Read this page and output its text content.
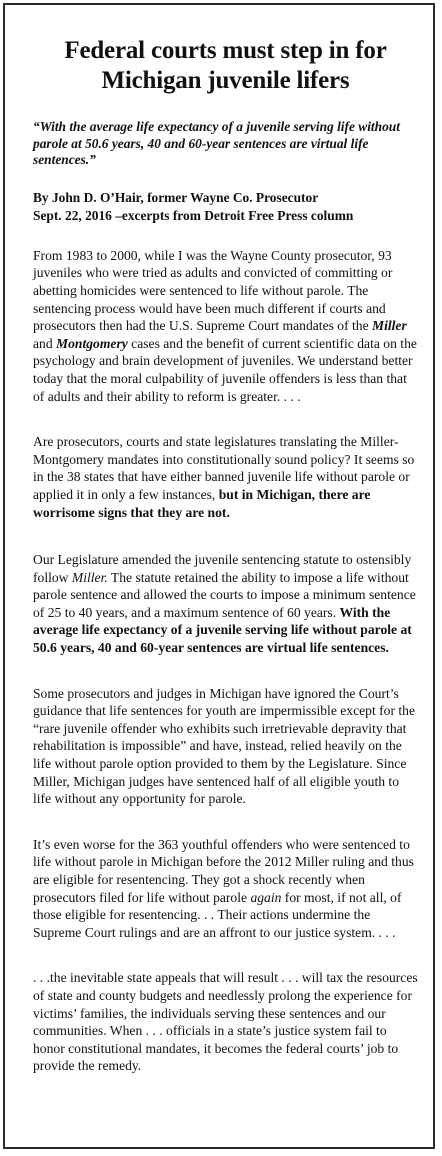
Federal courts must step in for Michigan juvenile lifers

“With the average life expectancy of a juvenile serving life without parole at 50.6 years, 40 and 60-year sentences are virtual life sentences.”

By John D. O’Hair, former Wayne Co. Prosecutor
Sept. 22, 2016 –excerpts from Detroit Free Press column

From 1983 to 2000, while I was the Wayne County prosecutor, 93 juveniles who were tried as adults and convicted of committing or abetting homicides were sentenced to life without parole. The sentencing process would have been much different if courts and prosecutors then had the U.S. Supreme Court mandates of the Miller and Montgomery cases and the benefit of current scientific data on the psychology and brain development of juveniles. We understand better today that the moral culpability of juvenile offenders is less than that of adults and their ability to reform is greater. . . .

Are prosecutors, courts and state legislatures translating the Miller-Montgomery mandates into constitutionally sound policy? It seems so in the 38 states that have either banned juvenile life without parole or applied it in only a few instances, but in Michigan, there are worrisome signs that they are not.

Our Legislature amended the juvenile sentencing statute to ostensibly follow Miller. The statute retained the ability to impose a life without parole sentence and allowed the courts to impose a minimum sentence of 25 to 40 years, and a maximum sentence of 60 years. With the average life expectancy of a juvenile serving life without parole at 50.6 years, 40 and 60-year sentences are virtual life sentences.

Some prosecutors and judges in Michigan have ignored the Court’s guidance that life sentences for youth are impermissible except for the “rare juvenile offender who exhibits such irretrievable depravity that rehabilitation is impossible” and have, instead, relied heavily on the life without parole option provided to them by the Legislature. Since Miller, Michigan judges have sentenced half of all eligible youth to life without any opportunity for parole.

It’s even worse for the 363 youthful offenders who were sentenced to life without parole in Michigan before the 2012 Miller ruling and thus are eligible for resentencing. They got a shock recently when prosecutors filed for life without parole again for most, if not all, of those eligible for resentencing. . . Their actions undermine the Supreme Court rulings and are an affront to our justice system. . . .

. . .the inevitable state appeals that will result . . . will tax the resources of state and county budgets and needlessly prolong the experience for victims’ families, the individuals serving these sentences and our communities. When . . . officials in a state’s justice system fail to honor constitutional mandates, it becomes the federal courts’ job to provide the remedy.
